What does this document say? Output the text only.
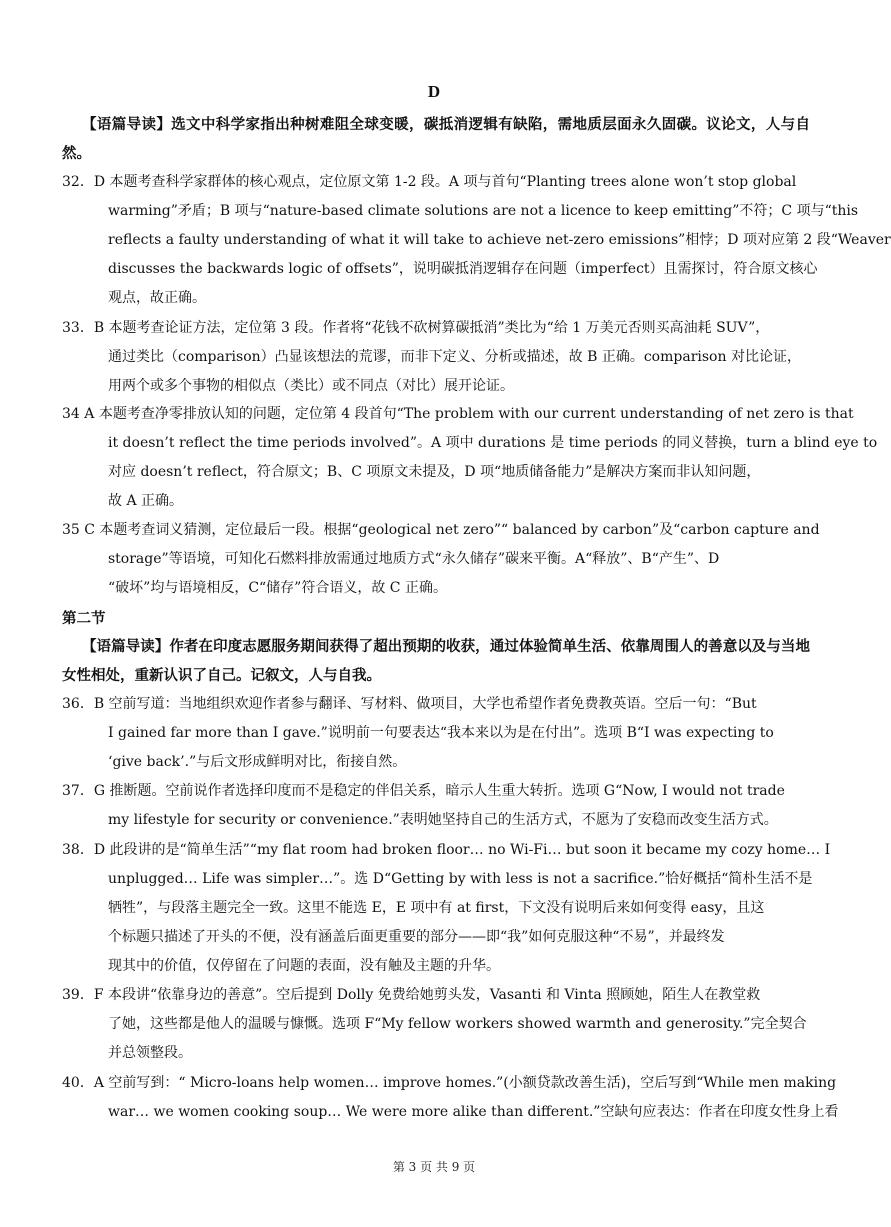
D
【语篇导读】选文中科学家指出种树难阻全球变暖，碳抵消逻辑有缺陷，需地质层面永久固碳。议论文，人与自然。
32．D 本题考查科学家群体的核心观点，定位原文第 1-2 段。A 项与首句“Planting trees alone won’t stop global
warming”矛盾；B 项与“nature-based climate solutions are not a licence to keep emitting”不符；C 项与“this
reflects a faulty understanding of what it will take to achieve net-zero emissions”相悖；D 项对应第 2 段“Weaver
discusses the backwards logic of offsets”，说明碳抵消逻辑存在问题（imperfect）且需探讨，符合原文核心
观点，故正确。
33．B 本题考查论证方法，定位第 3 段。作者将“花钱不砍树算碳抵消”类比为“给 1 万美元否则买高油耗 SUV”，
通过类比（comparison）凸显该想法的荒谬，而非下定义、分析或描述，故 B 正确。comparison 对比论证，
用两个或多个事物的相似点（类比）或不同点（对比）展开论证。
34 A 本题考查净零排放认知的问题，定位第 4 段首句“The problem with our current understanding of net zero is that
it doesn’t reflect the time periods involved”。A 项中 durations 是 time periods 的同义替换，turn a blind eye to
对应 doesn’t reflect，符合原文；B、C 项原文未提及，D 项“地质储备能力”是解决方案而非认知问题，
故 A 正确。
35 C 本题考查词义猜测，定位最后一段。根据“geological net zero”“ balanced by carbon”及“carbon capture and
storage”等语境，可知化石燃料排放需通过地质方式“永久储存”碳来平衡。A“释放”、B“产生”、D
“破坏”均与语境相反，C“储存”符合语义，故 C 正确。
第二节
【语篇导读】作者在印度志愿服务期间获得了超出预期的收获，通过体验简单生活、依靠周围人的善意以及与当地女性相处，重新认识了自己。记叙文，人与自我。
36．B 空前写道：当地组织欢迎作者参与翻译、写材料、做项目，大学也希望作者免费教英语。空后一句：“But
I gained far more than I gave.”说明前一句要表达“我本来以为是在付出”。选项 B“I was expecting to
‘give back’.”与后文形成鲜明对比，衔接自然。
37．G 推断题。空前说作者选择印度而不是稳定的伴侣关系，暗示人生重大转折。选项 G“Now, I would not trade
my lifestyle for security or convenience.”表明她坚持自己的生活方式，不愿为了安稳而改变生活方式。
38．D 此段讲的是“简单生活”“my flat room had broken floor… no Wi-Fi… but soon it became my cozy home… I
unplugged… Life was simpler…”。选 D“Getting by with less is not a sacrifice.”恰好概括“简朴生活不是
牺牲”，与段落主题完全一致。这里不能选 E，E 项中有 at first，下文没有说明后来如何变得 easy，且这
个标题只描述了开头的不便，没有涵盖后面更重要的部分——即“我”如何克服这种“不易”，并最终发
现其中的价值，仅停留在了问题的表面，没有触及主题的升华。
39．F 本段讲“依靠身边的善意”。空后提到 Dolly 免费给她剪头发，Vasanti 和 Vinta 照顾她，陌生人在教堂救
了她，这些都是他人的温暖与慷慨。选项 F“My fellow workers showed warmth and generosity.”完全契合
并总领整段。
40．A 空前写到：“ Micro-loans help women… improve homes.”(小额贷款改善生活)，空后写到“While men making
war… we women cooking soup… We were more alike than different.”空缺句应表达：作者在印度女性身上看
第 3 页 共 9 页
